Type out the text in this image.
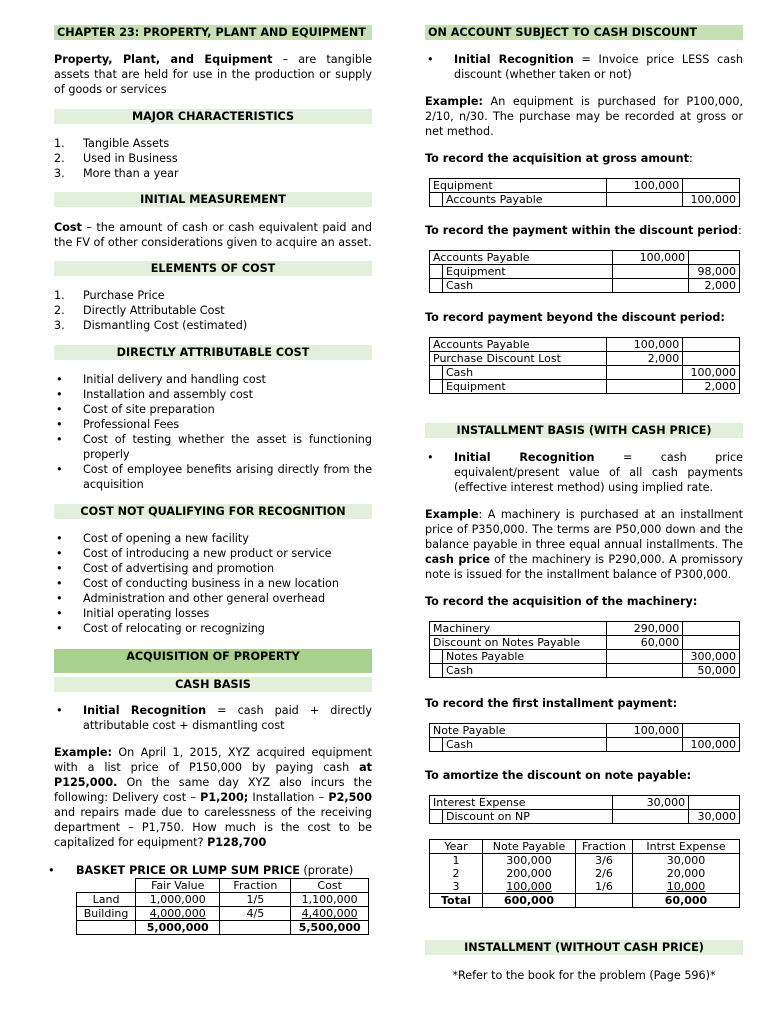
CHAPTER 23: PROPERTY, PLANT AND EQUIPMENT
Property, Plant, and Equipment – are tangible assets that are held for use in the production or supply of goods or services
MAJOR CHARACTERISTICS
1. Tangible Assets
2. Used in Business
3. More than a year
INITIAL MEASUREMENT
Cost – the amount of cash or cash equivalent paid and the FV of other considerations given to acquire an asset.
ELEMENTS OF COST
1. Purchase Price
2. Directly Attributable Cost
3. Dismantling Cost (estimated)
DIRECTLY ATTRIBUTABLE COST
• Initial delivery and handling cost
• Installation and assembly cost
• Cost of site preparation
• Professional Fees
• Cost of testing whether the asset is functioning properly
• Cost of employee benefits arising directly from the acquisition
COST NOT QUALIFYING FOR RECOGNITION
• Cost of opening a new facility
• Cost of introducing a new product or service
• Cost of advertising and promotion
• Cost of conducting business in a new location
• Administration and other general overhead
• Initial operating losses
• Cost of relocating or recognizing
ACQUISITION OF PROPERTY
CASH BASIS
• Initial Recognition = cash paid + directly attributable cost + dismantling cost
Example: On April 1, 2015, XYZ acquired equipment with a list price of P150,000 by paying cash at P125,000. On the same day XYZ also incurs the following: Delivery cost – P1,200; Installation – P2,500 and repairs made due to carelessness of the receiving department – P1,750. How much is the cost to be capitalized for equipment? P128,700
• BASKET PRICE OR LUMP SUM PRICE (prorate)
	Fair Value	Fraction	Cost
Land	1,000,000	1/5	1,100,000
Building	4,000,000	4/5	4,400,000
	5,000,000		5,500,000
ON ACCOUNT SUBJECT TO CASH DISCOUNT
• Initial Recognition = Invoice price LESS cash discount (whether taken or not)
Example: An equipment is purchased for P100,000, 2/10, n/30. The purchase may be recorded at gross or net method.
To record the acquisition at gross amount:
Equipment		100,000	
	Accounts Payable		100,000
To record the payment within the discount period:
Accounts Payable		100,000	
	Equipment		98,000
	Cash		2,000
To record payment beyond the discount period:
Accounts Payable		100,000	
Purchase Discount Lost		2,000	
	Cash		100,000
	Equipment		2,000
INSTALLMENT BASIS (WITH CASH PRICE)
• Initial Recognition = cash price equivalent/present value of all cash payments (effective interest method) using implied rate.
Example: A machinery is purchased at an installment price of P350,000. The terms are P50,000 down and the balance payable in three equal annual installments. The cash price of the machinery is P290,000. A promissory note is issued for the installment balance of P300,000.
To record the acquisition of the machinery:
Machinery		290,000	
Discount on Notes Payable		60,000	
	Notes Payable		300,000
	Cash		50,000
To record the first installment payment:
Note Payable		100,000	
	Cash		100,000
To amortize the discount on note payable:
Interest Expense		30,000	
	Discount on NP		30,000
Year	Note Payable	Fraction	Intrst Expense
1	300,000	3/6	30,000
2	200,000	2/6	20,000
3	100,000	1/6	10,000
Total	600,000		60,000
INSTALLMENT (WITHOUT CASH PRICE)
*Refer to the book for the problem (Page 596)*
